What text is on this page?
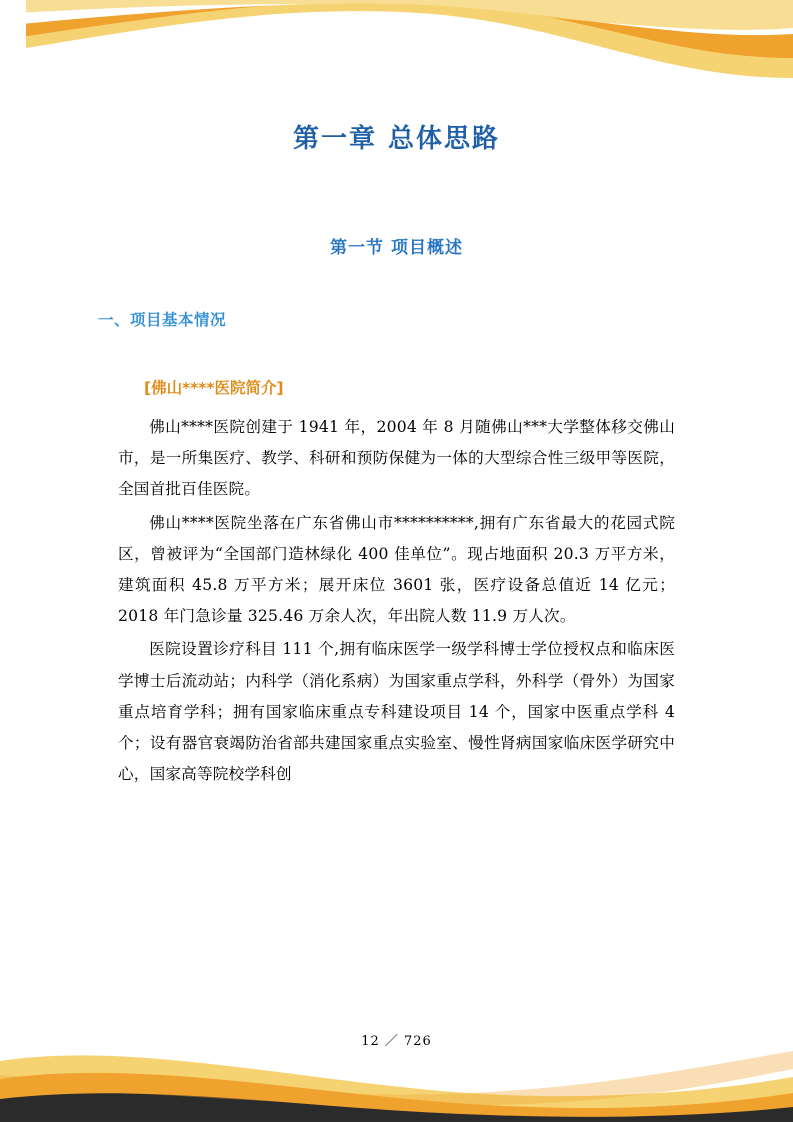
第一章 总体思路
第一节 项目概述
一、项目基本情况
[佛山****医院简介]

佛山****医院创建于 1941 年，2004 年 8 月随佛山***大学整体移交佛山市，是一所集医疗、教学、科研和预防保健为一体的大型综合性三级甲等医院，全国首批百佳医院。

佛山****医院坐落在广东省佛山市**********,拥有广东省最大的花园式院区，曾被评为“全国部门造林绿化 400 佳单位”。现占地面积 20.3 万平方米，建筑面积 45.8 万平方米；展开床位 3601 张，医疗设备总值近 14 亿元；2018 年门急诊量 325.46 万余人次，年出院人数 11.9 万人次。

医院设置诊疗科目 111 个,拥有临床医学一级学科博士学位授权点和临床医学博士后流动站；内科学（消化系病）为国家重点学科，外科学（骨外）为国家重点培育学科；拥有国家临床重点专科建设项目 14 个，国家中医重点学科 4 个；设有器官衰竭防治省部共建国家重点实验室、慢性肾病国家临床医学研究中心，国家高等院校学科创

12 ／ 726
